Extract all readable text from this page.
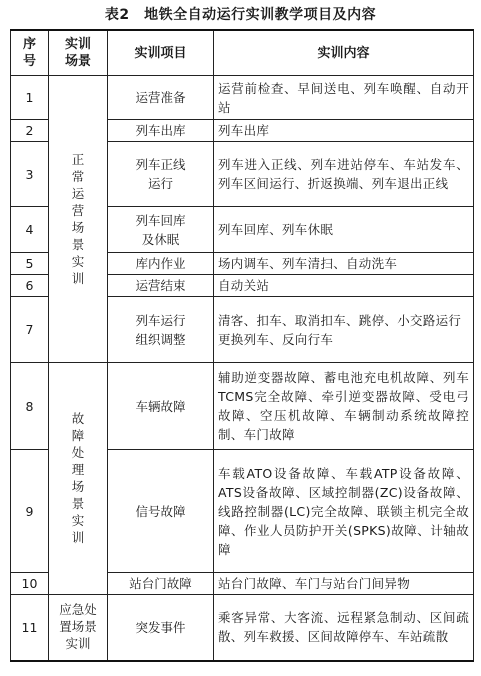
表2　地铁全自动运行实训教学项目及内容
序号	实训场景	实训项目	实训内容
1	正常运营场景实训	运营准备	运营前检查、早间送电、列车唤醒、自动开站
2		列车出库	列车出库
3		列车正线运行	列车进入正线、列车进站停车、车站发车、列车区间运行、折返换端、列车退出正线
4		列车回库及休眠	列车回库、列车休眠
5		库内作业	场内调车、列车清扫、自动洗车
6		运营结束	自动关站
7		列车运行组织调整	清客、扣车、取消扣车、跳停、小交路运行
更换列车、反向行车

8	故障处理场景实训	车辆故障	辅助逆变器故障、蓄电池充电机故障、列车TCMS完全故障、牵引逆变器故障、受电弓故障、空压机故障、车辆制动系统故障控制、车门故障
9		信号故障	车载ATO设备故障、车载ATP设备故障、ATS设备故障、区域控制器(ZC)设备故障、线路控制器(LC)完全故障、联锁主机完全故障、作业人员防护开关(SPKS)故障、计轴故障
10		站台门故障	站台门故障、车门与站台门间异物
11	应急处置场景实训	突发事件	乘客异常、大客流、远程紧急制动、区间疏散、列车救援、区间故障停车、车站疏散
